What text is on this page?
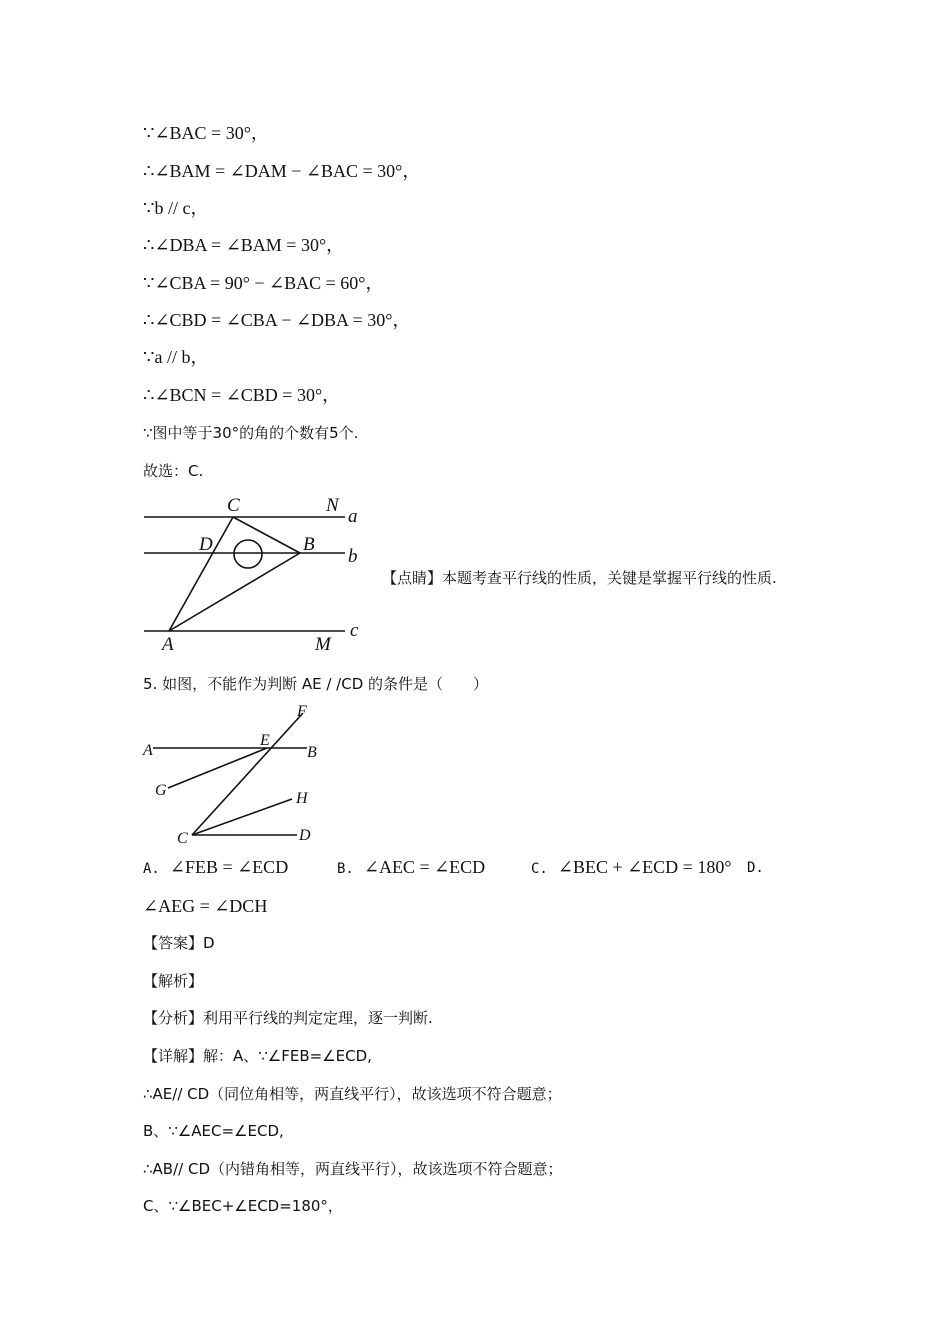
∵∠BAC = 30°，
∴∠BAM = ∠DAM − ∠BAC = 30°，
∵b // c，
∴∠DBA = ∠BAM = 30°，
∵∠CBA = 90° − ∠BAC = 60°，
∴∠CBD = ∠CBA − ∠DBA = 30°，
∵a // b，
∴∠BCN = ∠CBD = 30°，
∵图中等于30°的角的个数有5个.
故选：C.
C	N
a
D	B
b
A	M
c
【点睛】本题考查平行线的性质，关键是掌握平行线的性质.
5. 如图，不能作为判断 AE / /CD 的条件是（　　）
F
E
A	B
G	H
C	D
A. ∠FEB = ∠ECD	B. ∠AEC = ∠ECD	C. ∠BEC + ∠ECD = 180° D.
∠AEG = ∠DCH
【答案】D
【解析】
【分析】利用平行线的判定定理，逐一判断.
【详解】解：A、∵∠FEB=∠ECD,
∴AE// CD（同位角相等，两直线平行），故该选项不符合题意；
B、∵∠AEC=∠ECD,
∴AB// CD（内错角相等，两直线平行），故该选项不符合题意；
C、∵∠BEC+∠ECD=180°，
